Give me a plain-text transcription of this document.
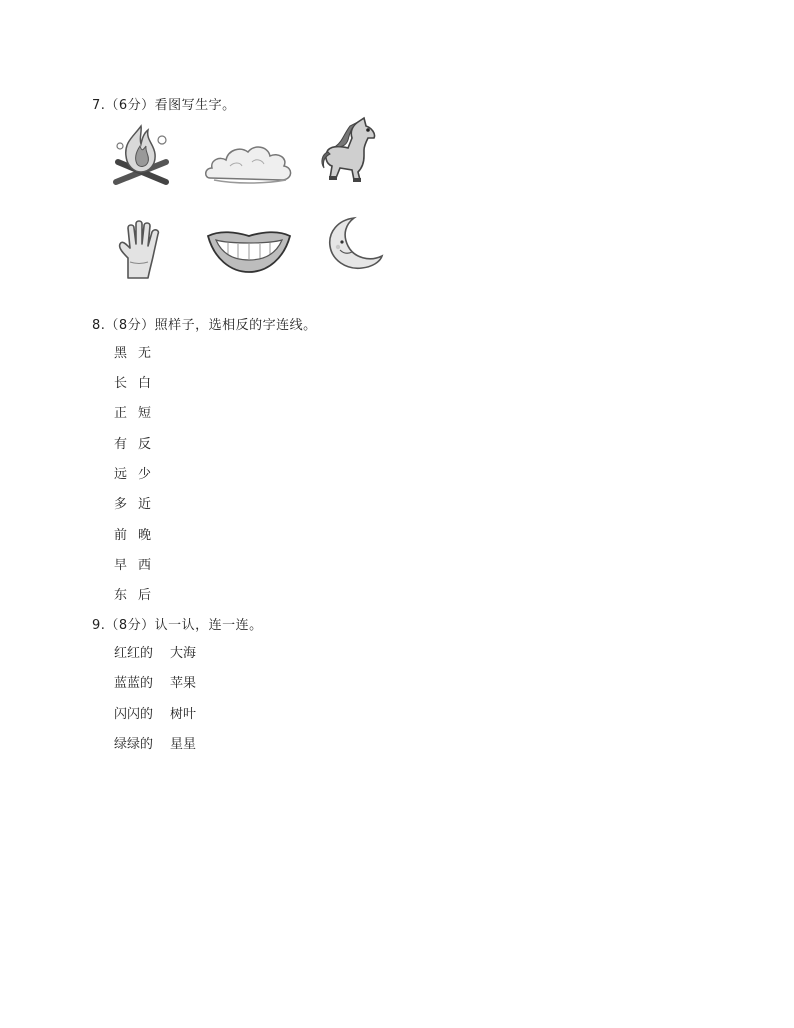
7.（6分）看图写生字。
8.（8分）照样子，选相反的字连线。
黑 无
长 白
正 短
有 反
远 少
多 近
前 晚
早 西
东 后
9.（8分）认一认，连一连。
红红的 大海
蓝蓝的 苹果
闪闪的 树叶
绿绿的 星星
